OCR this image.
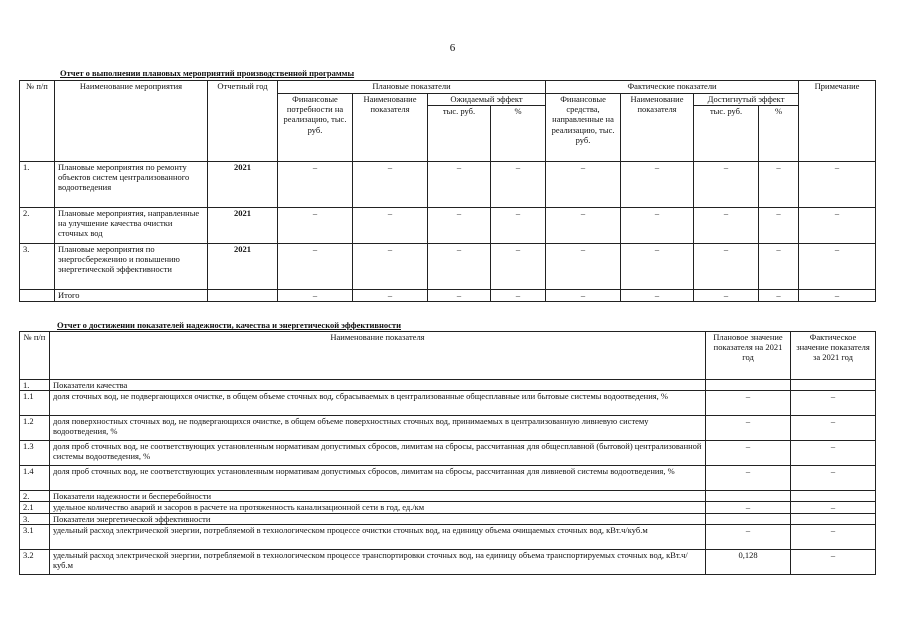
6
Отчет о выполнении плановых мероприятий производственной программы
№ п/п	Наименование мероприятия	Отчетный год	Плановые показатели				Фактические показатели				Примечание
			Финансовые потребности на реализацию, тыс. руб.	Наименование показателя	Ожидаемый эффект		Финансовые средства, направленные на реализацию, тыс. руб.	Наименование показателя	Достигнутый эффект		
					тыс. руб.	%			тыс. руб.	%	
1.	Плановые мероприятия по ремонту объектов систем централизованного водоотведения	2021	–	–	–	–	–	–	–	–	–
2.	Плановые мероприятия, направленные на улучшение качества очистки сточных вод	2021	–	–	–	–	–	–	–	–	–
3.	Плановые мероприятия по энергосбережению и повышению энергетической эффективности	2021	–	–	–	–	–	–	–	–	–
	Итого		–	–	–	–	–	–	–	–	–
Отчет о достижении показателей надежности, качества и энергетической эффективности
№ п/п	Наименование показателя	Плановое значение показателя на 2021 год	Фактическое значение показателя за 2021 год
1.	Показатели качества		
1.1	доля сточных вод, не подвергающихся очистке, в общем объеме сточных вод, сбрасываемых в централизованные общесплавные или бытовые системы водоотведения, %	–	–
1.2	доля поверхностных сточных вод, не подвергающихся очистке, в общем объеме поверхностных сточных вод, принимаемых в централизованную ливневую систему водоотведения, %	–	–
1.3	доля проб сточных вод, не соответствующих установленным нормативам допустимых сбросов, лимитам на сбросы, рассчитанная для общесплавной (бытовой) централизованной системы водоотведения, %	–	–
1.4	доля проб сточных вод, не соответствующих установленным нормативам допустимых сбросов, лимитам на сбросы, рассчитанная для ливневой системы водоотведения, %	–	–
2.	Показатели надежности и бесперебойности		
2.1	удельное количество аварий и засоров в расчете на протяженность канализационной сети в год, ед./км	–	–
3.	Показатели энергетической эффективности		
3.1	удельный расход электрической энергии, потребляемой в технологическом процессе очистки сточных вод, на единицу объема очищаемых сточных вод, кВт.ч/куб.м	–	–
3.2	удельный расход электрической энергии, потребляемой в технологическом процессе транспортировки сточных вод, на единицу объема транспортируемых сточных вод, кВт.ч/куб.м	0,128	–
